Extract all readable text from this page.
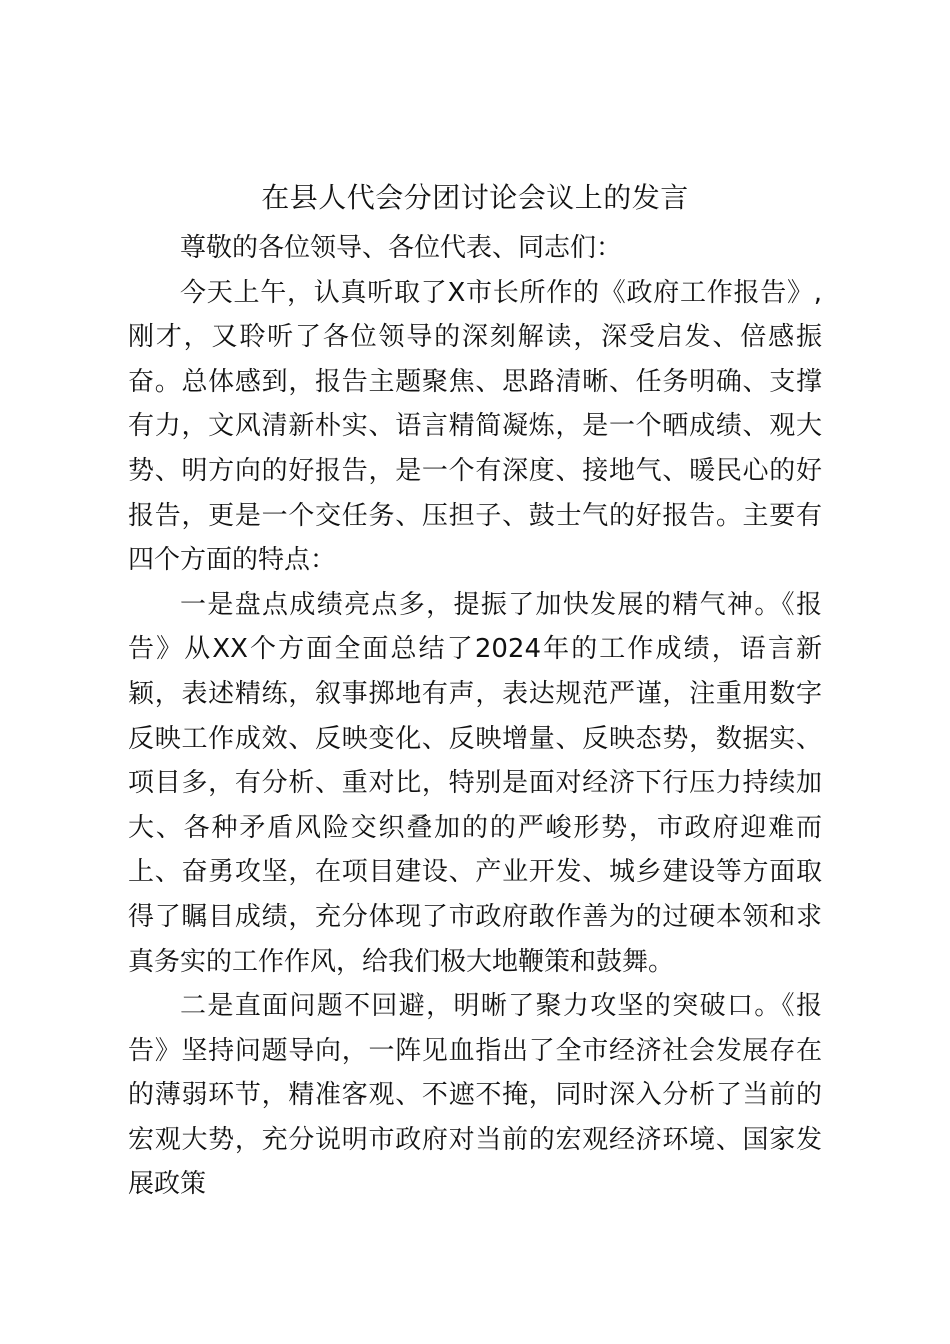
在县人代会分团讨论会议上的发言

尊敬的各位领导、各位代表、同志们：

今天上午，认真听取了X市长所作的《政府工作报告》,刚才，又聆听了各位领导的深刻解读，深受启发、倍感振奋。总体感到，报告主题聚焦、思路清晰、任务明确、支撑有力，文风清新朴实、语言精简凝炼，是一个晒成绩、观大势、明方向的好报告，是一个有深度、接地气、暖民心的好报告，更是一个交任务、压担子、鼓士气的好报告。主要有四个方面的特点：

一是盘点成绩亮点多，提振了加快发展的精气神。《报告》从XX个方面全面总结了2024年的工作成绩，语言新颖，表述精练，叙事掷地有声，表达规范严谨，注重用数字反映工作成效、反映变化、反映增量、反映态势，数据实、项目多，有分析、重对比，特别是面对经济下行压力持续加大、各种矛盾风险交织叠加的的严峻形势，市政府迎难而上、奋勇攻坚，在项目建设、产业开发、城乡建设等方面取得了瞩目成绩，充分体现了市政府敢作善为的过硬本领和求真务实的工作作风，给我们极大地鞭策和鼓舞。

二是直面问题不回避，明晰了聚力攻坚的突破口。《报告》坚持问题导向，一阵见血指出了全市经济社会发展存在的薄弱环节，精准客观、不遮不掩，同时深入分析了当前的宏观大势，充分说明市政府对当前的宏观经济环境、国家发展政策
